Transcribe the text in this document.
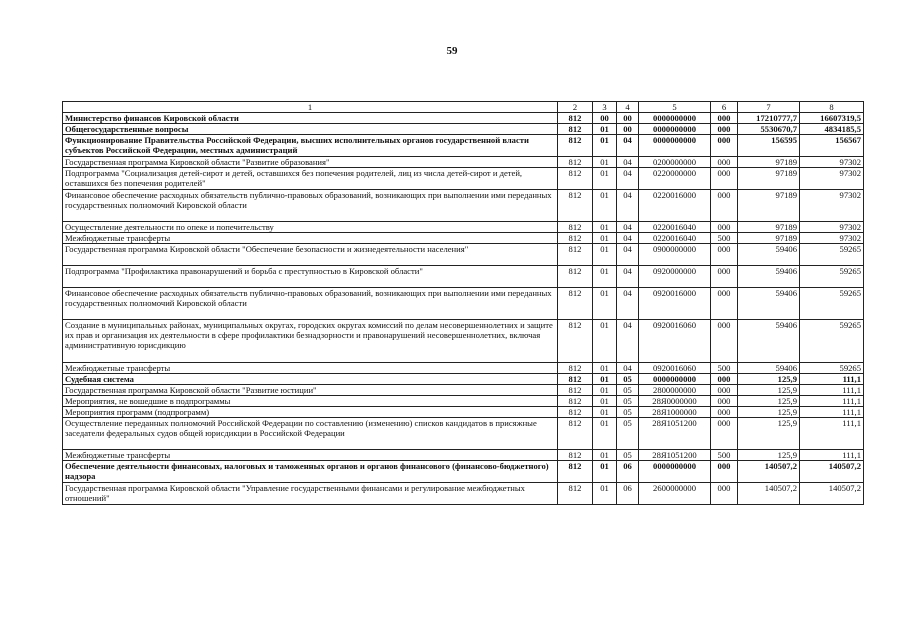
59
1	2	3	4	5	6	7	8
Министерство финансов Кировской области	812	00	00	0000000000	000	17210777,7	16607319,5
Общегосударственные вопросы	812	01	00	0000000000	000	5530670,7	4834185,5
Функционирование Правительства Российской Федерации, высших исполнительных органов государственной власти субъектов Российской Федерации, местных администраций	812	01	04	0000000000	000	156595	156567
Государственная программа Кировской области "Развитие образования"	812	01	04	0200000000	000	97189	97302
Подпрограмма "Социализация детей-сирот и детей, оставшихся без попечения родителей, лиц из числа детей-сирот и детей, оставшихся без попечения родителей"	812	01	04	0220000000	000	97189	97302
Финансовое обеспечение расходных обязательств публично-правовых образований, возникающих при выполнении ими переданных государственных полномочий Кировской области	812	01	04	0220016000	000	97189	97302
Осуществление деятельности по опеке и попечительству	812	01	04	0220016040	000	97189	97302
Межбюджетные трансферты	812	01	04	0220016040	500	97189	97302
Государственная программа Кировской области "Обеспечение безопасности и жизнедеятельности населения"	812	01	04	0900000000	000	59406	59265
Подпрограмма "Профилактика правонарушений и борьба с преступностью в Кировской области"	812	01	04	0920000000	000	59406	59265
Финансовое обеспечение расходных обязательств публично-правовых образований, возникающих при выполнении ими переданных государственных полномочий Кировской области	812	01	04	0920016000	000	59406	59265
Создание в муниципальных районах, муниципальных округах, городских округах комиссий по делам несовершеннолетних и защите их прав и организация их деятельности в сфере профилактики безнадзорности и правонарушений несовершеннолетних, включая административную юрисдикцию	812	01	04	0920016060	000	59406	59265
Межбюджетные трансферты	812	01	04	0920016060	500	59406	59265
Судебная система	812	01	05	0000000000	000	125,9	111,1
Государственная программа Кировской области "Развитие юстиции"	812	01	05	2800000000	000	125,9	111,1
Мероприятия, не вошедшие в подпрограммы	812	01	05	28Я0000000	000	125,9	111,1
Мероприятия программ (подпрограмм)	812	01	05	28Я1000000	000	125,9	111,1
Осуществление переданных полномочий Российской Федерации по составлению (изменению) списков кандидатов в присяжные заседатели федеральных судов общей юрисдикции в Российской Федерации	812	01	05	28Я1051200	000	125,9	111,1
Межбюджетные трансферты	812	01	05	28Я1051200	500	125,9	111,1
Обеспечение деятельности финансовых, налоговых и таможенных органов и органов финансового (финансово-бюджетного) надзора	812	01	06	0000000000	000	140507,2	140507,2
Государственная программа Кировской области "Управление государственными финансами и регулирование межбюджетных отношений"	812	01	06	2600000000	000	140507,2	140507,2
